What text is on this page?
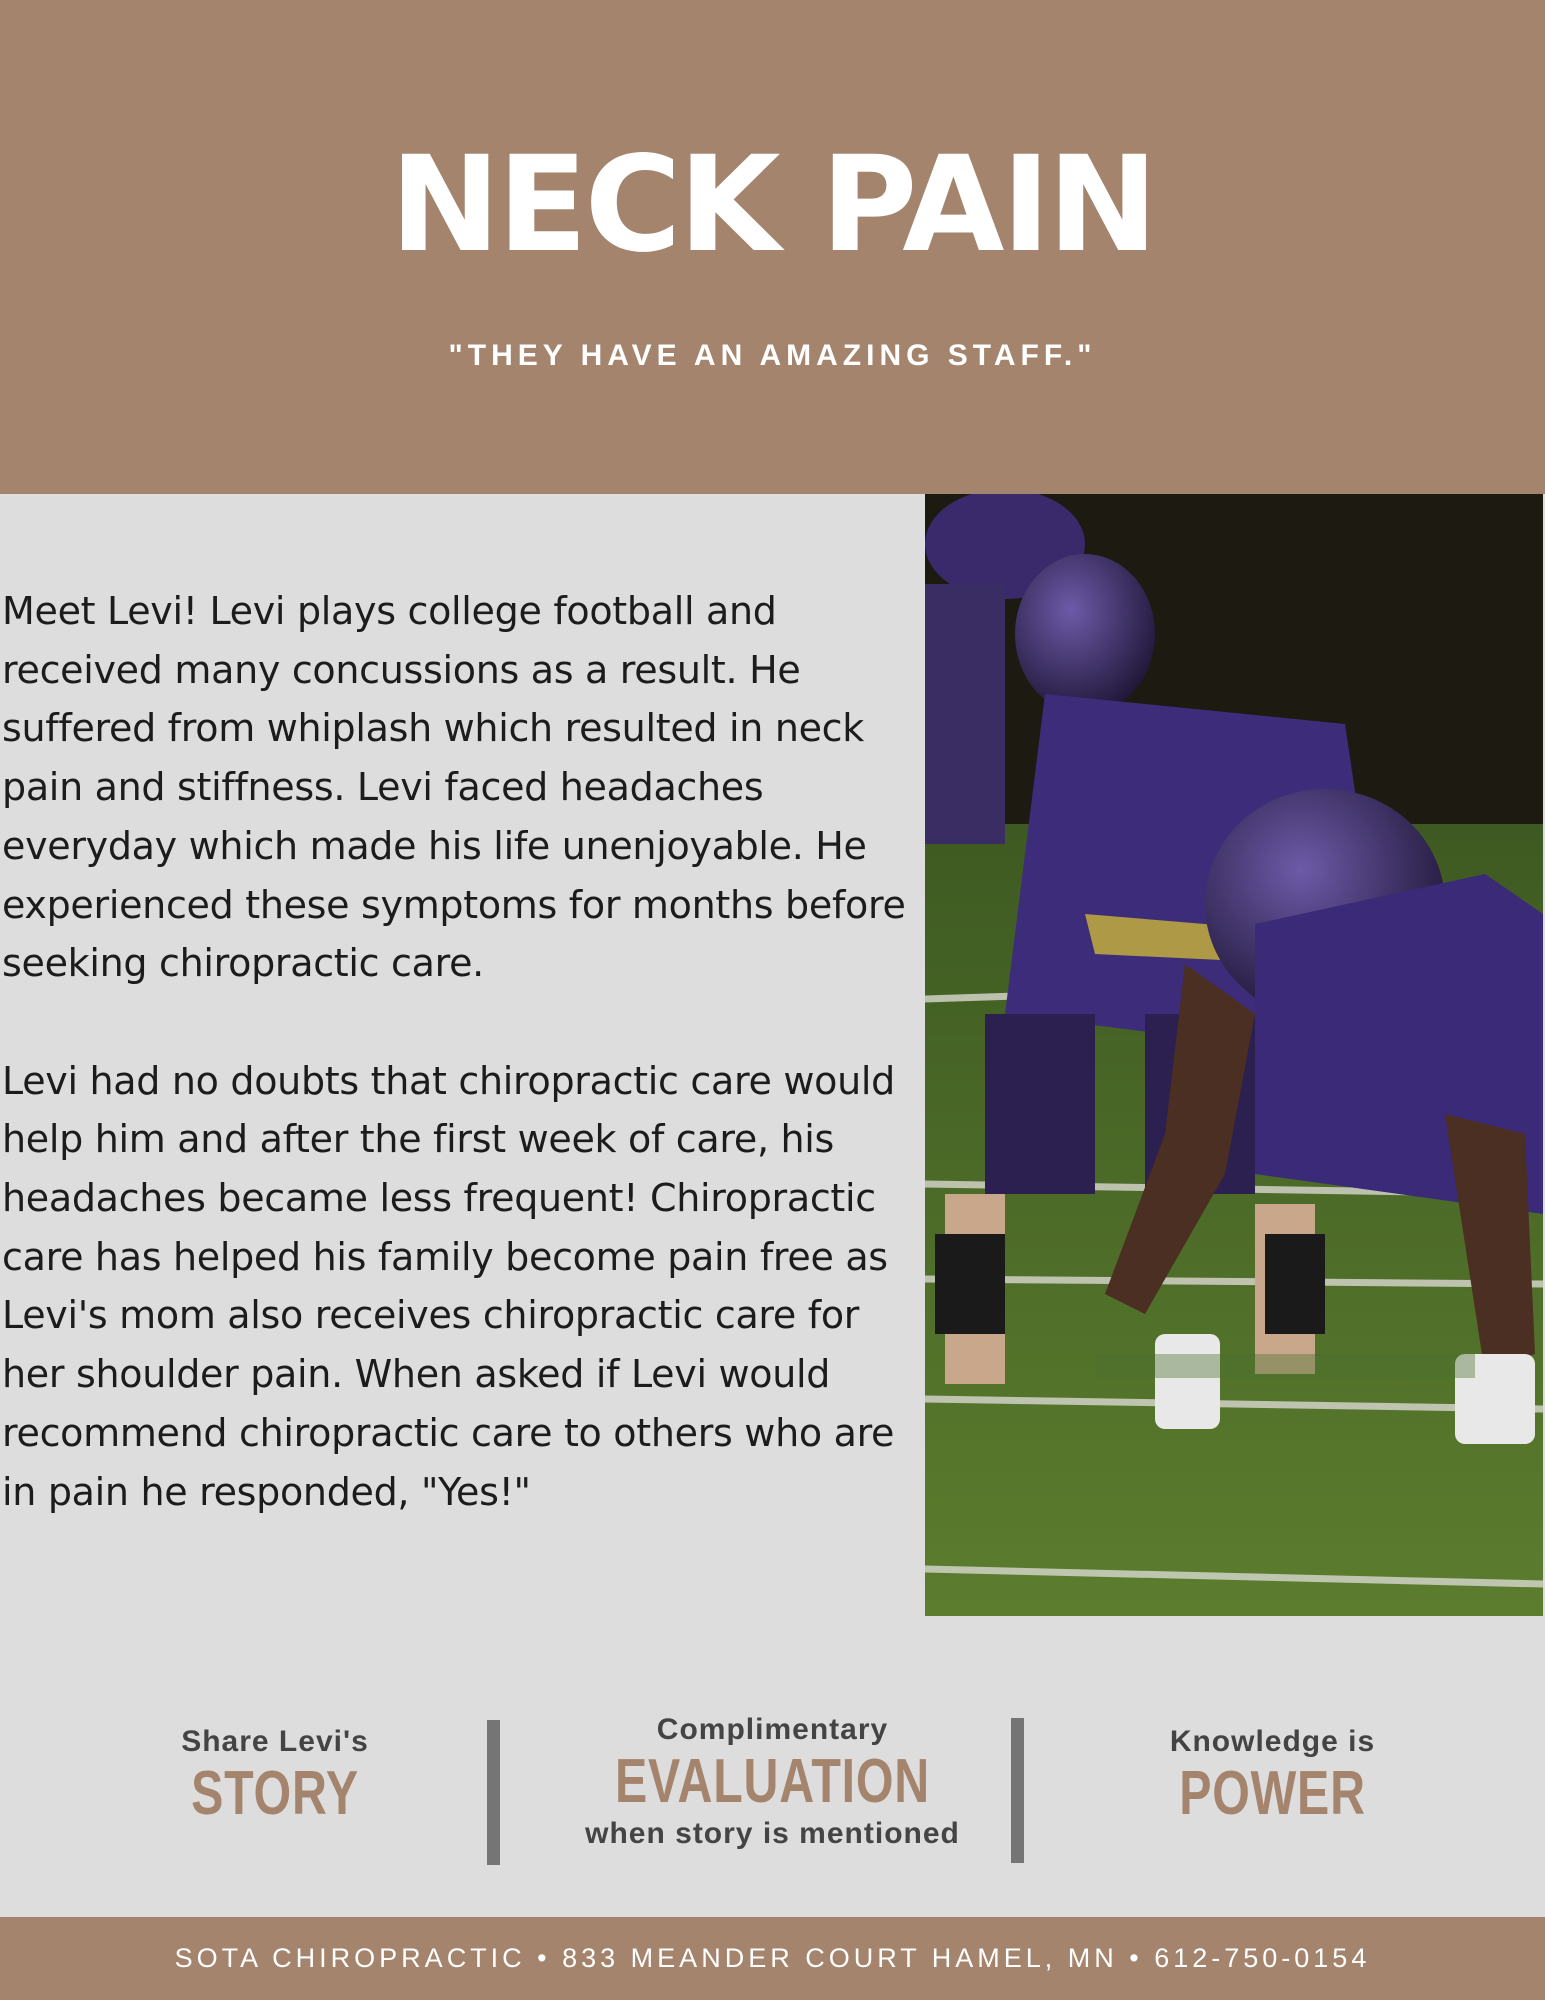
NECK PAIN
"THEY HAVE AN AMAZING STAFF."

Meet Levi! Levi plays college football and received many concussions as a result. He suffered from whiplash which resulted in neck pain and stiffness. Levi faced headaches everyday which made his life unenjoyable. He experienced these symptoms for months before seeking chiropractic care.

Levi had no doubts that chiropractic care would help him and after the first week of care, his headaches became less frequent! Chiropractic care has helped his family become pain free as Levi's mom also receives chiropractic care for her shoulder pain. When asked if Levi would recommend chiropractic care to others who are in pain he responded, "Yes!"

Share Levi's
STORY
Complimentary
EVALUATION
when story is mentioned
Knowledge is
POWER
SOTA CHIROPRACTIC • 833 MEANDER COURT HAMEL, MN • 612-750-0154
